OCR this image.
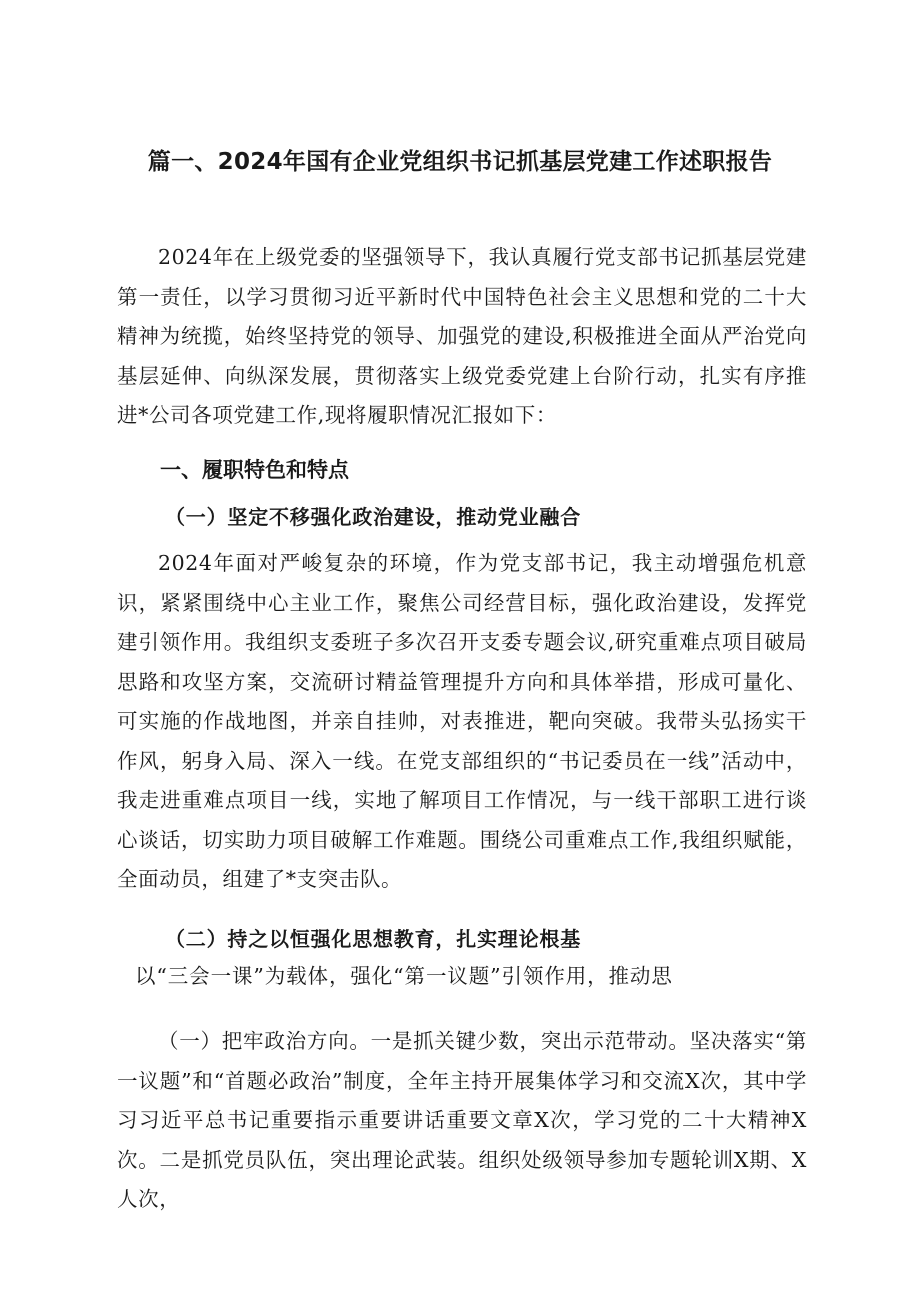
篇一、2024年国有企业党组织书记抓基层党建工作述职报告

2024年在上级党委的坚强领导下，我认真履行党支部书记抓基层党建第一责任，以学习贯彻习近平新时代中国特色社会主义思想和党的二十大精神为统揽，始终坚持党的领导、加强党的建设,积极推进全面从严治党向基层延伸、向纵深发展，贯彻落实上级党委党建上台阶行动，扎实有序推进*公司各项党建工作,现将履职情况汇报如下：

一、履职特色和特点
（一）坚定不移强化政治建设，推动党业融合

2024年面对严峻复杂的环境，作为党支部书记，我主动增强危机意识，紧紧围绕中心主业工作，聚焦公司经营目标，强化政治建设，发挥党建引领作用。我组织支委班子多次召开支委专题会议,研究重难点项目破局思路和攻坚方案，交流研讨精益管理提升方向和具体举措，形成可量化、可实施的作战地图，并亲自挂帅，对表推进，靶向突破。我带头弘扬实干作风，躬身入局、深入一线。在党支部组织的“书记委员在一线”活动中，我走进重难点项目一线，实地了解项目工作情况，与一线干部职工进行谈心谈话，切实助力项目破解工作难题。围绕公司重难点工作,我组织赋能，全面动员，组建了*支突击队。

（二）持之以恒强化思想教育，扎实理论根基

以“三会一课”为载体，强化“第一议题”引领作用，推动思

（一）把牢政治方向。一是抓关键少数，突出示范带动。坚决落实“第一议题”和“首题必政治”制度，全年主持开展集体学习和交流X次，其中学习习近平总书记重要指示重要讲话重要文章X次，学习党的二十大精神X次。二是抓党员队伍，突出理论武装。组织处级领导参加专题轮训X期、X人次，
